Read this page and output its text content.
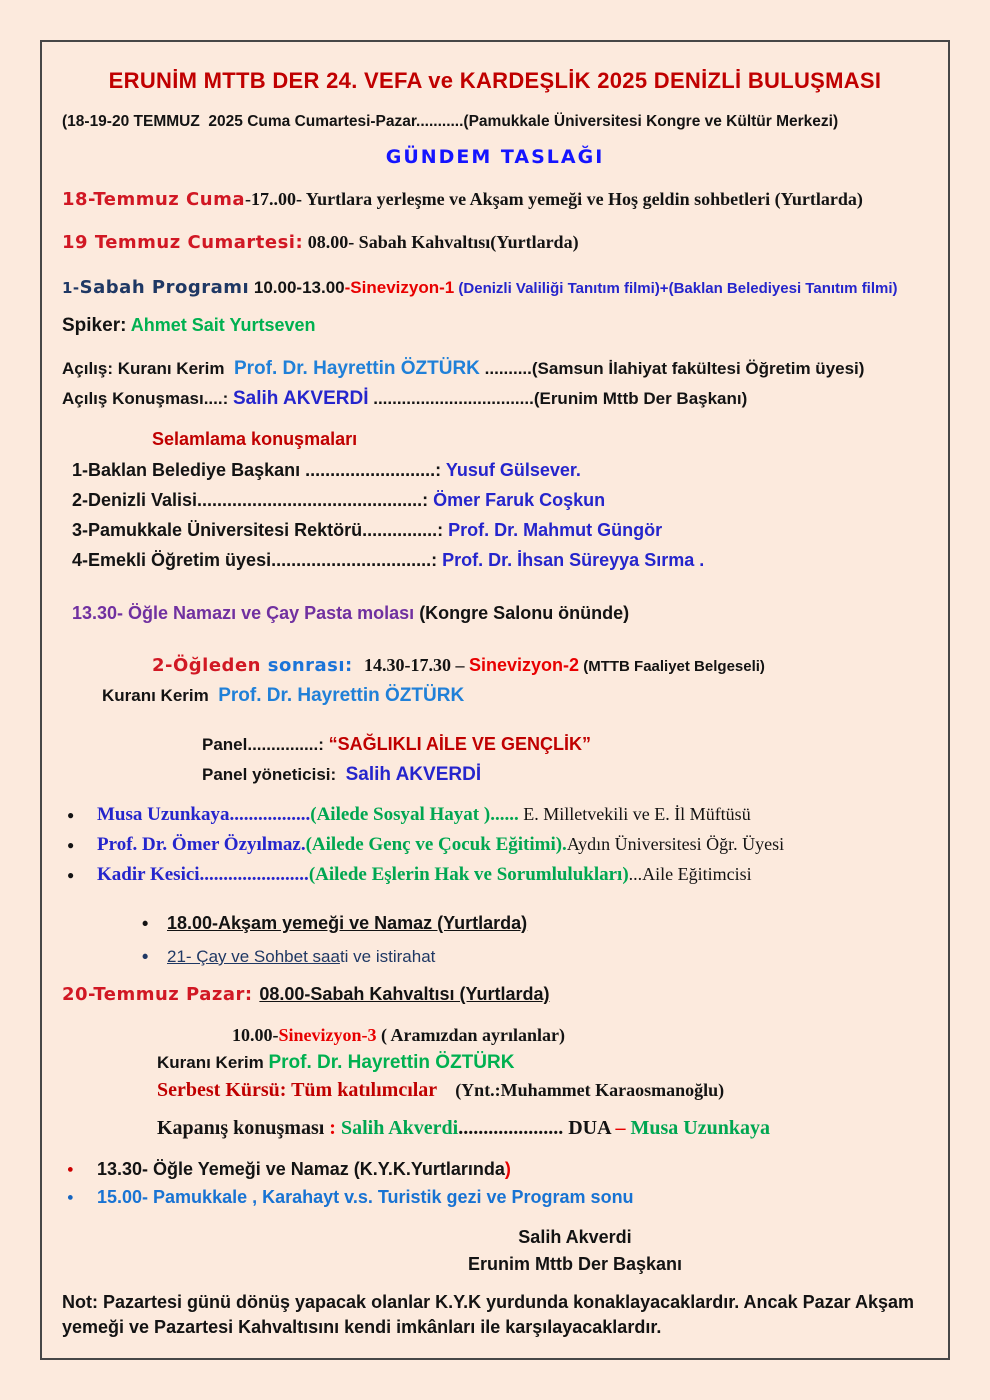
ERUNİM MTTB DER 24. VEFA ve KARDEŞLİK 2025 DENİZLİ BULUŞMASI
(18-19-20 TEMMUZ  2025 Cuma Cumartesi-Pazar...........(Pamukkale Üniversitesi Kongre ve Kültür Merkezi)
GÜNDEM TASLAĞI
18-Temmuz Cuma-17..00- Yurtlara yerleşme ve Akşam yemeği ve Hoş geldin sohbetleri (Yurtlarda)
19 Temmuz Cumartesi: 08.00- Sabah Kahvaltısı(Yurtlarda)
1-Sabah Programı 10.00-13.00-Sinevizyon-1 (Denizli Valiliği Tanıtım filmi)+(Baklan Belediyesi Tanıtım filmi)
Spiker: Ahmet Sait Yurtseven
Açılış: Kuranı Kerim  Prof. Dr. Hayrettin ÖZTÜRK ..........(Samsun İlahiyat fakültesi Öğretim üyesi)
Açılış Konuşması....: Salih AKVERDİ ..................................(Erunim Mttb Der Başkanı)
Selamlama konuşmaları
1-Baklan Belediye Başkanı ..........................: Yusuf Gülsever.
2-Denizli Valisi.............................................: Ömer Faruk Coşkun
3-Pamukkale Üniversitesi Rektörü...............: Prof. Dr. Mahmut Güngör
4-Emekli Öğretim üyesi................................: Prof. Dr. İhsan Süreyya Sırma .
13.30- Öğle Namazı ve Çay Pasta molası (Kongre Salonu önünde)
2-Öğleden sonrası:  14.30-17.30 – Sinevizyon-2 (MTTB Faaliyet Belgeseli)
Kuranı Kerim  Prof. Dr. Hayrettin ÖZTÜRK
Panel...............: “SAĞLIKLI AİLE VE GENÇLİK”
Panel yöneticisi:  Salih AKVERDİ
● Musa Uzunkaya.................(Ailede Sosyal Hayat )...... E. Milletvekili ve E. İl Müftüsü
● Prof. Dr. Ömer Özyılmaz.(Ailede Genç ve Çocuk Eğitimi).Aydın Üniversitesi Öğr. Üyesi
● Kadir Kesici.......................(Ailede Eşlerin Hak ve Sorumlulukları)...Aile Eğitimcisi
• 18.00-Akşam yemeği ve Namaz (Yurtlarda)
• 21- Çay ve Sohbet saati ve istirahat
20-Temmuz Pazar: 08.00-Sabah Kahvaltısı (Yurtlarda)
10.00-Sinevizyon-3 ( Aramızdan ayrılanlar)
Kuranı Kerim Prof. Dr. Hayrettin ÖZTÜRK
Serbest Kürsü: Tüm katılımcılar    (Ynt.:Muhammet Karaosmanoğlu)
Kapanış konuşması : Salih Akverdi..................... DUA – Musa Uzunkaya
● 13.30- Öğle Yemeği ve Namaz (K.Y.K.Yurtlarında)
● 15.00- Pamukkale , Karahayt v.s. Turistik gezi ve Program sonu
Salih Akverdi
Erunim Mttb Der Başkanı
Not: Pazartesi günü dönüş yapacak olanlar K.Y.K yurdunda konaklayacaklardır. Ancak Pazar Akşam yemeği ve Pazartesi Kahvaltısını kendi imkânları ile karşılayacaklardır.
